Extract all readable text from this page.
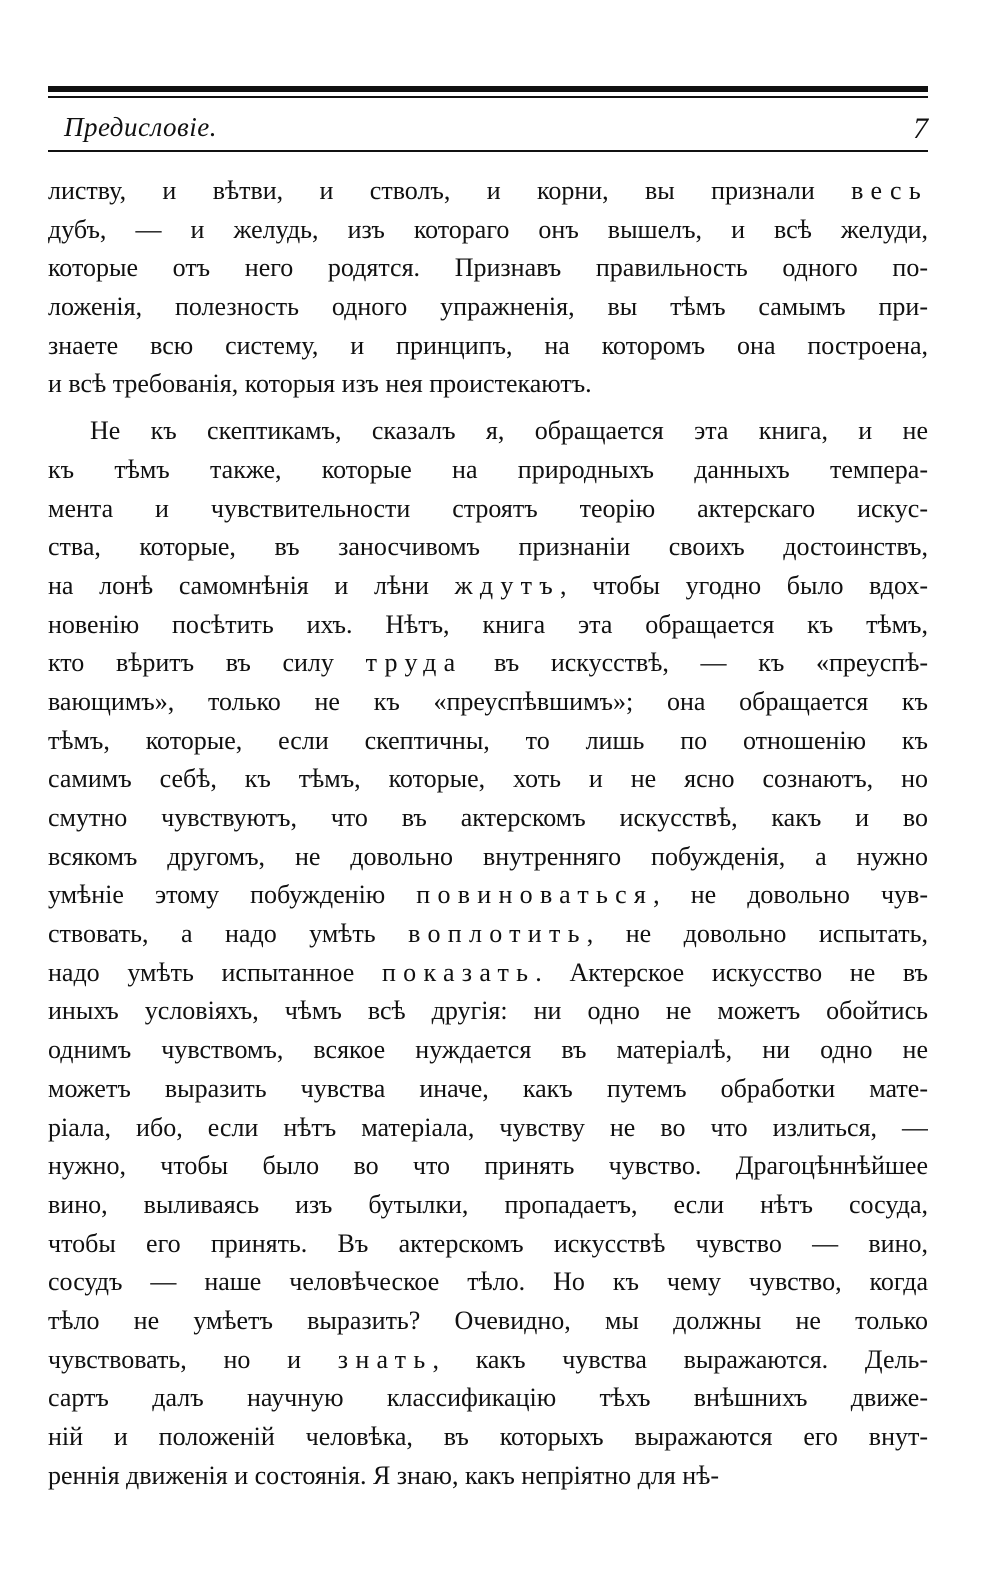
Предисловіе.	7
листву, и вѣтви, и стволъ, и корни, вы признали весь
дубъ, — и желудь, изъ котораго онъ вышелъ, и всѣ желуди,
которые отъ него родятся. Признавъ правильность одного по-
ложенія, полезность одного упражненія, вы тѣмъ самымъ при-
знаете всю систему, и принципъ, на которомъ она построена,
и всѣ требованія, которыя изъ нея проистекаютъ.
Не къ скептикамъ, сказалъ я, обращается эта книга, и не
къ тѣмъ также, которые на природныхъ данныхъ темпера-
мента и чувствительности строятъ теорію актерскаго искус-
ства, которые, въ заносчивомъ признаніи своихъ достоинствъ,
на лонѣ самомнѣнія и лѣни ждутъ, чтобы угодно было вдох-
новенію посѣтить ихъ. Нѣтъ, книга эта обращается къ тѣмъ,
кто вѣритъ въ силу труда въ искусствѣ, — къ «преуспѣ-
вающимъ», только не къ «преуспѣвшимъ»; она обращается къ
тѣмъ, которые, если скептичны, то лишь по отношенію къ
самимъ себѣ, къ тѣмъ, которые, хоть и не ясно сознаютъ, но
смутно чувствуютъ, что въ актерскомъ искусствѣ, какъ и во
всякомъ другомъ, не довольно внутренняго побужденія, а нужно
умѣніе этому побужденію повиноваться, не довольно чув-
ствовать, а надо умѣть воплотить, не довольно испытать,
надо умѣть испытанное показать. Актерское искусство не въ
иныхъ условіяхъ, чѣмъ всѣ другія: ни одно не можетъ обойтись
однимъ чувствомъ, всякое нуждается въ матеріалѣ, ни одно не
можетъ выразить чувства иначе, какъ путемъ обработки мате-
ріала, ибо, если нѣтъ матеріала, чувству не во что излиться, —
нужно, чтобы было во что принять чувство. Драгоцѣннѣйшее
вино, выливаясь изъ бутылки, пропадаетъ, если нѣтъ сосуда,
чтобы его принять. Въ актерскомъ искусствѣ чувство — вино,
сосудъ — наше человѣческое тѣло. Но къ чему чувство, когда
тѣло не умѣетъ выразить? Очевидно, мы должны не только
чувствовать, но и знать, какъ чувства выражаются. Дель-
сартъ далъ научную классификацію тѣхъ внѣшнихъ движе-
ній и положеній человѣка, въ которыхъ выражаются его внут-
реннія движенія и состоянія. Я знаю, какъ непріятно для нѣ-
